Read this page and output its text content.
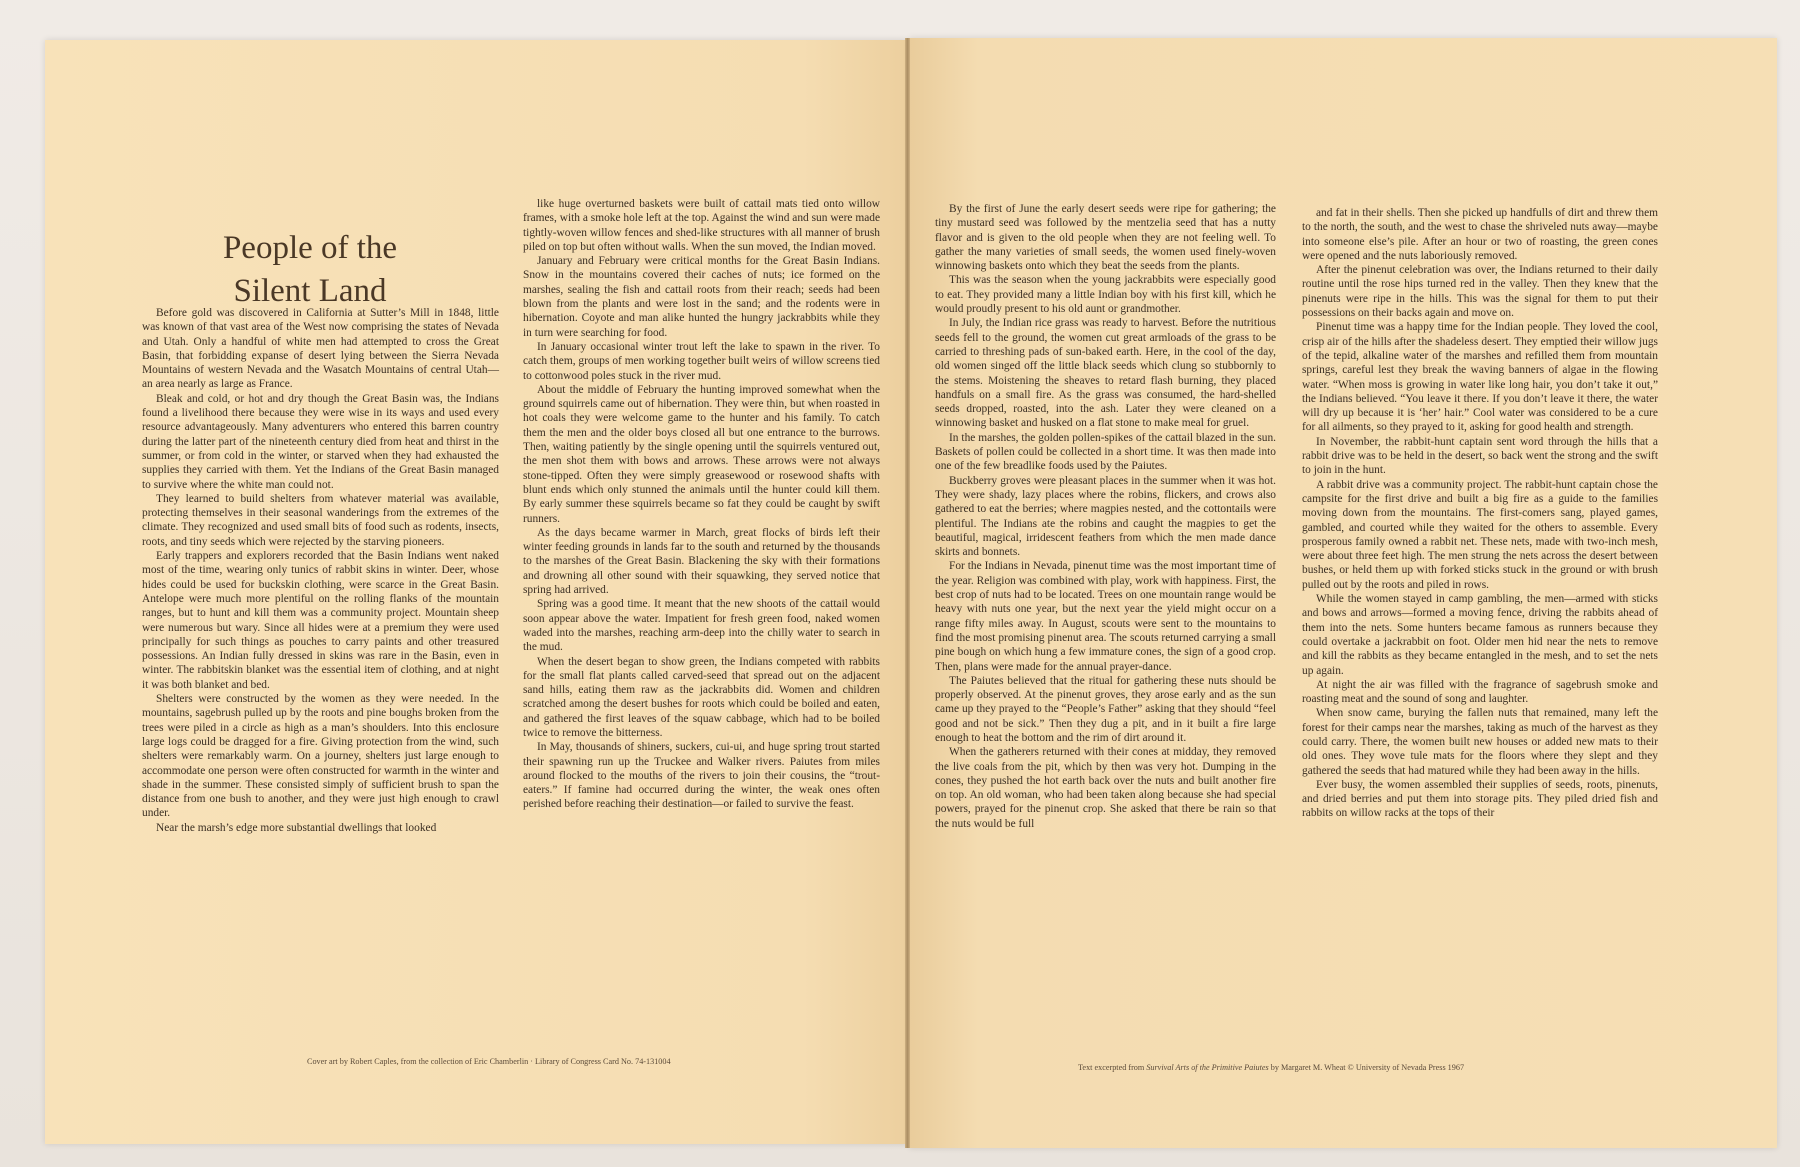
People of the
Silent Land

Before gold was discovered in California at Sutter’s Mill in 1848, little was known of that vast area of the West now comprising the states of Nevada and Utah. Only a handful of white men had attempted to cross the Great Basin, that forbidding expanse of desert lying between the Sierra Nevada Mountains of western Nevada and the Wasatch Mountains of central Utah—an area nearly as large as France.

Bleak and cold, or hot and dry though the Great Basin was, the Indians found a livelihood there because they were wise in its ways and used every resource advantageously. Many adventurers who entered this barren country during the latter part of the nineteenth century died from heat and thirst in the summer, or from cold in the winter, or starved when they had exhausted the supplies they carried with them. Yet the Indians of the Great Basin managed to survive where the white man could not.

They learned to build shelters from whatever material was available, protecting themselves in their seasonal wanderings from the extremes of the climate. They recognized and used small bits of food such as rodents, insects, roots, and tiny seeds which were rejected by the starving pioneers.

Early trappers and explorers recorded that the Basin Indians went naked most of the time, wearing only tunics of rabbit skins in winter. Deer, whose hides could be used for buckskin clothing, were scarce in the Great Basin. Antelope were much more plentiful on the rolling flanks of the mountain ranges, but to hunt and kill them was a community project. Mountain sheep were numerous but wary. Since all hides were at a premium they were used principally for such things as pouches to carry paints and other treasured possessions. An Indian fully dressed in skins was rare in the Basin, even in winter. The rabbitskin blanket was the essential item of clothing, and at night it was both blanket and bed.

Shelters were constructed by the women as they were needed. In the mountains, sagebrush pulled up by the roots and pine boughs broken from the trees were piled in a circle as high as a man’s shoulders. Into this enclosure large logs could be dragged for a fire. Giving protection from the wind, such shelters were remarkably warm. On a journey, shelters just large enough to accommodate one person were often constructed for warmth in the winter and shade in the summer. These consisted simply of sufficient brush to span the distance from one bush to another, and they were just high enough to crawl under.

Near the marsh’s edge more substantial dwellings that looked

like huge overturned baskets were built of cattail mats tied onto willow frames, with a smoke hole left at the top. Against the wind and sun were made tightly-woven willow fences and shed-like structures with all manner of brush piled on top but often without walls. When the sun moved, the Indian moved.

January and February were critical months for the Great Basin Indians. Snow in the mountains covered their caches of nuts; ice formed on the marshes, sealing the fish and cattail roots from their reach; seeds had been blown from the plants and were lost in the sand; and the rodents were in hibernation. Coyote and man alike hunted the hungry jackrabbits while they in turn were searching for food.

In January occasional winter trout left the lake to spawn in the river. To catch them, groups of men working together built weirs of willow screens tied to cottonwood poles stuck in the river mud.

About the middle of February the hunting improved somewhat when the ground squirrels came out of hibernation. They were thin, but when roasted in hot coals they were welcome game to the hunter and his family. To catch them the men and the older boys closed all but one entrance to the burrows. Then, waiting patiently by the single opening until the squirrels ventured out, the men shot them with bows and arrows. These arrows were not always stone-tipped. Often they were simply greasewood or rosewood shafts with blunt ends which only stunned the animals until the hunter could kill them. By early summer these squirrels became so fat they could be caught by swift runners.

As the days became warmer in March, great flocks of birds left their winter feeding grounds in lands far to the south and returned by the thousands to the marshes of the Great Basin. Blackening the sky with their formations and drowning all other sound with their squawking, they served notice that spring had arrived.

Spring was a good time. It meant that the new shoots of the cattail would soon appear above the water. Impatient for fresh green food, naked women waded into the marshes, reaching arm-deep into the chilly water to search in the mud.

When the desert began to show green, the Indians competed with rabbits for the small flat plants called carved-seed that spread out on the adjacent sand hills, eating them raw as the jackrabbits did. Women and children scratched among the desert bushes for roots which could be boiled and eaten, and gathered the first leaves of the squaw cabbage, which had to be boiled twice to remove the bitterness.

In May, thousands of shiners, suckers, cui-ui, and huge spring trout started their spawning run up the Truckee and Walker rivers. Paiutes from miles around flocked to the mouths of the rivers to join their cousins, the “trout-eaters.” If famine had occurred during the winter, the weak ones often perished before reaching their destination—or failed to survive the feast.

By the first of June the early desert seeds were ripe for gathering; the tiny mustard seed was followed by the mentzelia seed that has a nutty flavor and is given to the old people when they are not feeling well. To gather the many varieties of small seeds, the women used finely-woven winnowing baskets onto which they beat the seeds from the plants.

This was the season when the young jackrabbits were especially good to eat. They provided many a little Indian boy with his first kill, which he would proudly present to his old aunt or grandmother.

In July, the Indian rice grass was ready to harvest. Before the nutritious seeds fell to the ground, the women cut great armloads of the grass to be carried to threshing pads of sun-baked earth. Here, in the cool of the day, old women singed off the little black seeds which clung so stubbornly to the stems. Moistening the sheaves to retard flash burning, they placed handfuls on a small fire. As the grass was consumed, the hard-shelled seeds dropped, roasted, into the ash. Later they were cleaned on a winnowing basket and husked on a flat stone to make meal for gruel.

In the marshes, the golden pollen-spikes of the cattail blazed in the sun. Baskets of pollen could be collected in a short time. It was then made into one of the few breadlike foods used by the Paiutes.

Buckberry groves were pleasant places in the summer when it was hot. They were shady, lazy places where the robins, flickers, and crows also gathered to eat the berries; where magpies nested, and the cottontails were plentiful. The Indians ate the robins and caught the magpies to get the beautiful, magical, irridescent feathers from which the men made dance skirts and bonnets.

For the Indians in Nevada, pinenut time was the most important time of the year. Religion was combined with play, work with happiness. First, the best crop of nuts had to be located. Trees on one mountain range would be heavy with nuts one year, but the next year the yield might occur on a range fifty miles away. In August, scouts were sent to the mountains to find the most promising pinenut area. The scouts returned carrying a small pine bough on which hung a few immature cones, the sign of a good crop. Then, plans were made for the annual prayer-dance.

The Paiutes believed that the ritual for gathering these nuts should be properly observed. At the pinenut groves, they arose early and as the sun came up they prayed to the “People’s Father” asking that they should “feel good and not be sick.” Then they dug a pit, and in it built a fire large enough to heat the bottom and the rim of dirt around it.

When the gatherers returned with their cones at midday, they removed the live coals from the pit, which by then was very hot. Dumping in the cones, they pushed the hot earth back over the nuts and built another fire on top. An old woman, who had been taken along because she had special powers, prayed for the pinenut crop. She asked that there be rain so that the nuts would be full

and fat in their shells. Then she picked up handfulls of dirt and threw them to the north, the south, and the west to chase the shriveled nuts away—maybe into someone else’s pile. After an hour or two of roasting, the green cones were opened and the nuts laboriously removed.

After the pinenut celebration was over, the Indians returned to their daily routine until the rose hips turned red in the valley. Then they knew that the pinenuts were ripe in the hills. This was the signal for them to put their possessions on their backs again and move on.

Pinenut time was a happy time for the Indian people. They loved the cool, crisp air of the hills after the shadeless desert. They emptied their willow jugs of the tepid, alkaline water of the marshes and refilled them from mountain springs, careful lest they break the waving banners of algae in the flowing water. “When moss is growing in water like long hair, you don’t take it out,” the Indians believed. “You leave it there. If you don’t leave it there, the water will dry up because it is ‘her’ hair.” Cool water was considered to be a cure for all ailments, so they prayed to it, asking for good health and strength.

In November, the rabbit-hunt captain sent word through the hills that a rabbit drive was to be held in the desert, so back went the strong and the swift to join in the hunt.

A rabbit drive was a community project. The rabbit-hunt captain chose the campsite for the first drive and built a big fire as a guide to the families moving down from the mountains. The first-comers sang, played games, gambled, and courted while they waited for the others to assemble. Every prosperous family owned a rabbit net. These nets, made with two-inch mesh, were about three feet high. The men strung the nets across the desert between bushes, or held them up with forked sticks stuck in the ground or with brush pulled out by the roots and piled in rows.

While the women stayed in camp gambling, the men—armed with sticks and bows and arrows—formed a moving fence, driving the rabbits ahead of them into the nets. Some hunters became famous as runners because they could overtake a jackrabbit on foot. Older men hid near the nets to remove and kill the rabbits as they became entangled in the mesh, and to set the nets up again.

At night the air was filled with the fragrance of sagebrush smoke and roasting meat and the sound of song and laughter.

When snow came, burying the fallen nuts that remained, many left the forest for their camps near the marshes, taking as much of the harvest as they could carry. There, the women built new houses or added new mats to their old ones. They wove tule mats for the floors where they slept and they gathered the seeds that had matured while they had been away in the hills.

Ever busy, the women assembled their supplies of seeds, roots, pinenuts, and dried berries and put them into storage pits. They piled dried fish and rabbits on willow racks at the tops of their

Cover art by Robert Caples, from the collection of Eric Chamberlin · Library of Congress Card No. 74-131004
Text excerpted from Survival Arts of the Primitive Paiutes by Margaret M. Wheat © University of Nevada Press 1967
